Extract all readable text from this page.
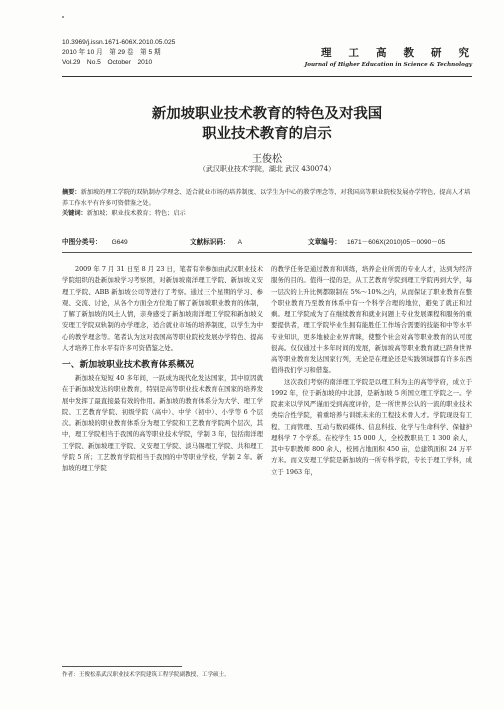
10.3969/j.issn.1671-606X.2010.05.025
2010 年 10 月　第 29 卷　第 5 期
Vol.29　No.5　October　2010
理工高教研究
Journal of Higher Education in Science & Technology
新加坡职业技术教育的特色及对我国
职业技术教育的启示
王俊松
（武汉职业技术学院，湖北 武汉 430074）
摘要：新加坡的理工学院的双轨制办学理念、适合就业市场的培养制度、以学生为中心的教学理念等，对我国高等职业院校发展办学特色，提高人才培养工作水平有许多可资借鉴之处。
关键词：新加坡；职业技术教育；特色；启示
中图分类号： G649	文献标识码： A	文章编号： 1671－606X(2010)05－0090－05

2009 年 7 月 31 日至 8 月 23 日，笔者有幸参加由武汉职业技术学院组织的赴新加坡学习考察团，对新加坡南洋理工学院、新加坡义安理工学院、ABB 新加坡公司等进行了考察。通过三个星期的学习、参观、交流、讨论，从各个方面全方位地了解了新加坡职业教育的体制，了解了新加坡的风土人情，亲身感受了新加坡南洋理工学院和新加坡义安理工学院双轨制的办学理念，适合就业市场的培养制度，以学生为中心的教学理念等。笔者认为这对我国高等职业院校发展办学特色、提高人才培养工作水平有许多可资借鉴之处。

一、新加坡职业技术教育体系概况

新加坡在短短 40 多年间，一跃成为现代化发达国家，其中原因就在于新加坡发达的职业教育，特别是高等职业技术教育在国家的培养发展中发挥了最直接最有效的作用。新加坡的教育体系分为大学、理工学院、工艺教育学院、初级学院（高中）、中学（初中）、小学等 6 个层次。新加坡的职业教育体系分为理工学院和工艺教育学院两个层次，其中，理工学院相当于我国的高等职业技术学院，学制 3 年，包括南洋理工学院、新加坡理工学院、义安理工学院、淡马锡理工学院、共和理工学院 5 所；工艺教育学院相当于我国的中等职业学校，学制 2 年。新加坡的理工学院

的教学任务是通过教育和训练，培养企业所需的专业人才，达到为经济服务的目的。值得一提的是，从工艺教育学院到理工学院再到大学，每一层次的上升比例都限制在 5%～10%之内，从而保证了职业教育在整个职业教育乃至教育体系中有一个科学合理的地位，避免了就正和过剩。理工学院成为了在继续教育和就业问题上专业发展课程和服务的重要提供者，理工学院毕业生拥有能胜任工作场合需要的技能和中等水平专业知识，更多地被企业界青睐，使整个社会对高等职业教育的认可度很高。仅仅通过十多年时间的发展，新加坡高等职业教育就已跻身世界高等职业教育发达国家行列，无论是在理论还是实践领域都有许多东西值得我们学习和借鉴。

这次我们考察的南洋理工学院是以理工科为主的高等学府，成立于 1992 年，位于新加坡的中北部，是新加坡 5 所国立理工学院之一。学院素来以学风严谨而受到高度评价，是一所世界公认的一流的职业技术类综合性学院，着重培养与训练未来的工程技术骨人才。学院现设有工程、工商管理、互动与数码媒体、信息科技、化学与生命科学、保健护理科学 7 个学系。在校学生 15 000 人，全校教职员工 1 300 余人，其中专职教师 800 余人，校园占地面积 450 亩，总建筑面积 24 万平方米。而义安理工学院是新加坡的一所专科学院，专长于理工学科，成立于 1963 年，

作者：王俊松系武汉职业技术学院建筑工程学院副教授，工学硕士。
